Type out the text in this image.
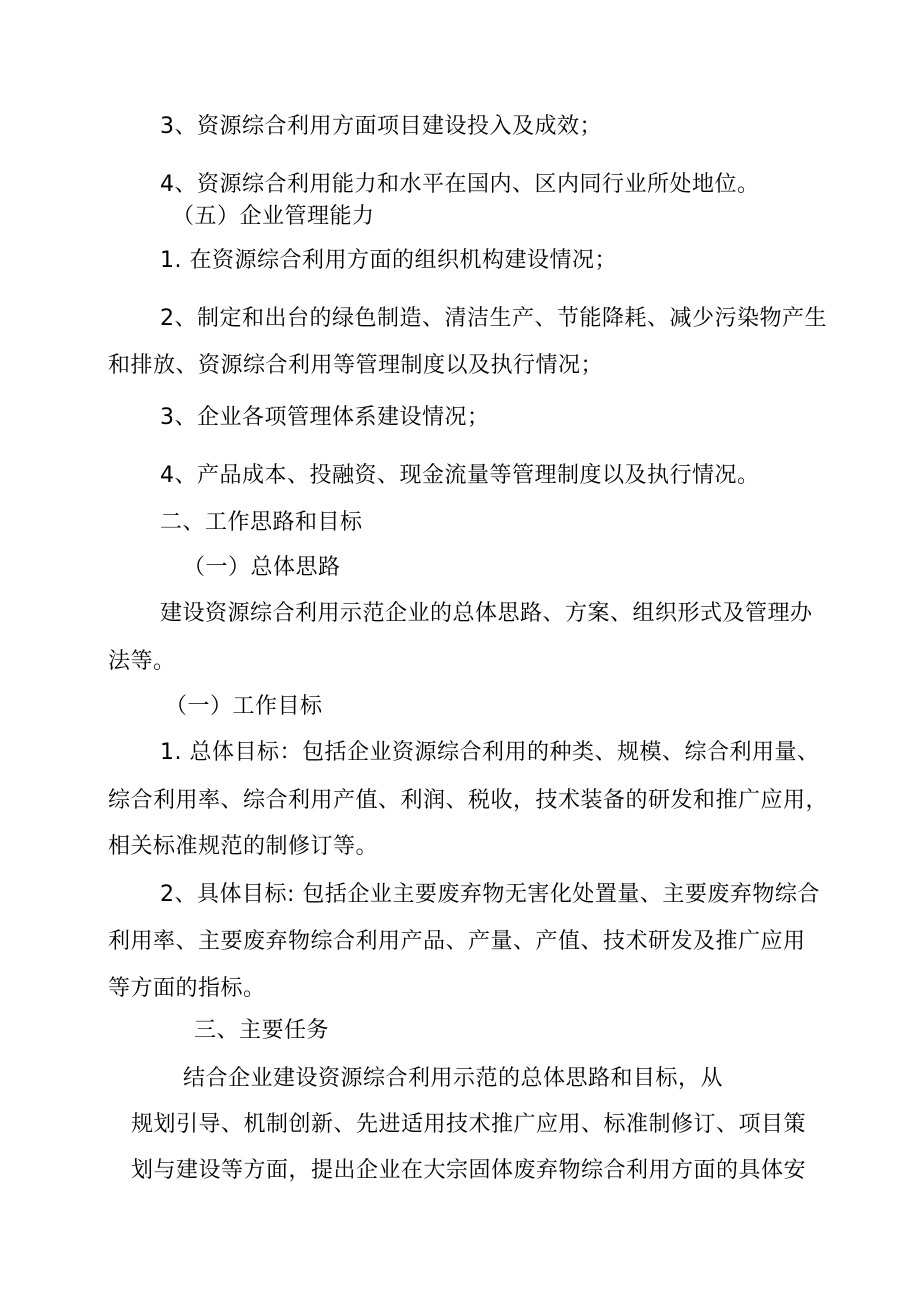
3、资源综合利用方面项目建设投入及成效；
4、资源综合利用能力和水平在国内、区内同行业所处地位。
（五）企业管理能力
1. 在资源综合利用方面的组织机构建设情况；
2、制定和出台的绿色制造、清洁生产、节能降耗、减少污染物产生
和排放、资源综合利用等管理制度以及执行情况；
3、企业各项管理体系建设情况；
4、产品成本、投融资、现金流量等管理制度以及执行情况。
二、工作思路和目标
（一）总体思路
建设资源综合利用示范企业的总体思路、方案、组织形式及管理办
法等。
（一）工作目标
1. 总体目标：包括企业资源综合利用的种类、规模、综合利用量、
综合利用率、综合利用产值、利润、税收，技术装备的研发和推广应用，
相关标准规范的制修订等。
2、具体目标: 包括企业主要废弃物无害化处置量、主要废弃物综合
利用率、主要废弃物综合利用产品、产量、产值、技术研发及推广应用
等方面的指标。
三、主要任务
结合企业建设资源综合利用示范的总体思路和目标，从
规划引导、机制创新、先进适用技术推广应用、标准制修订、项目策
划与建设等方面，提出企业在大宗固体废弃物综合利用方面的具体安
